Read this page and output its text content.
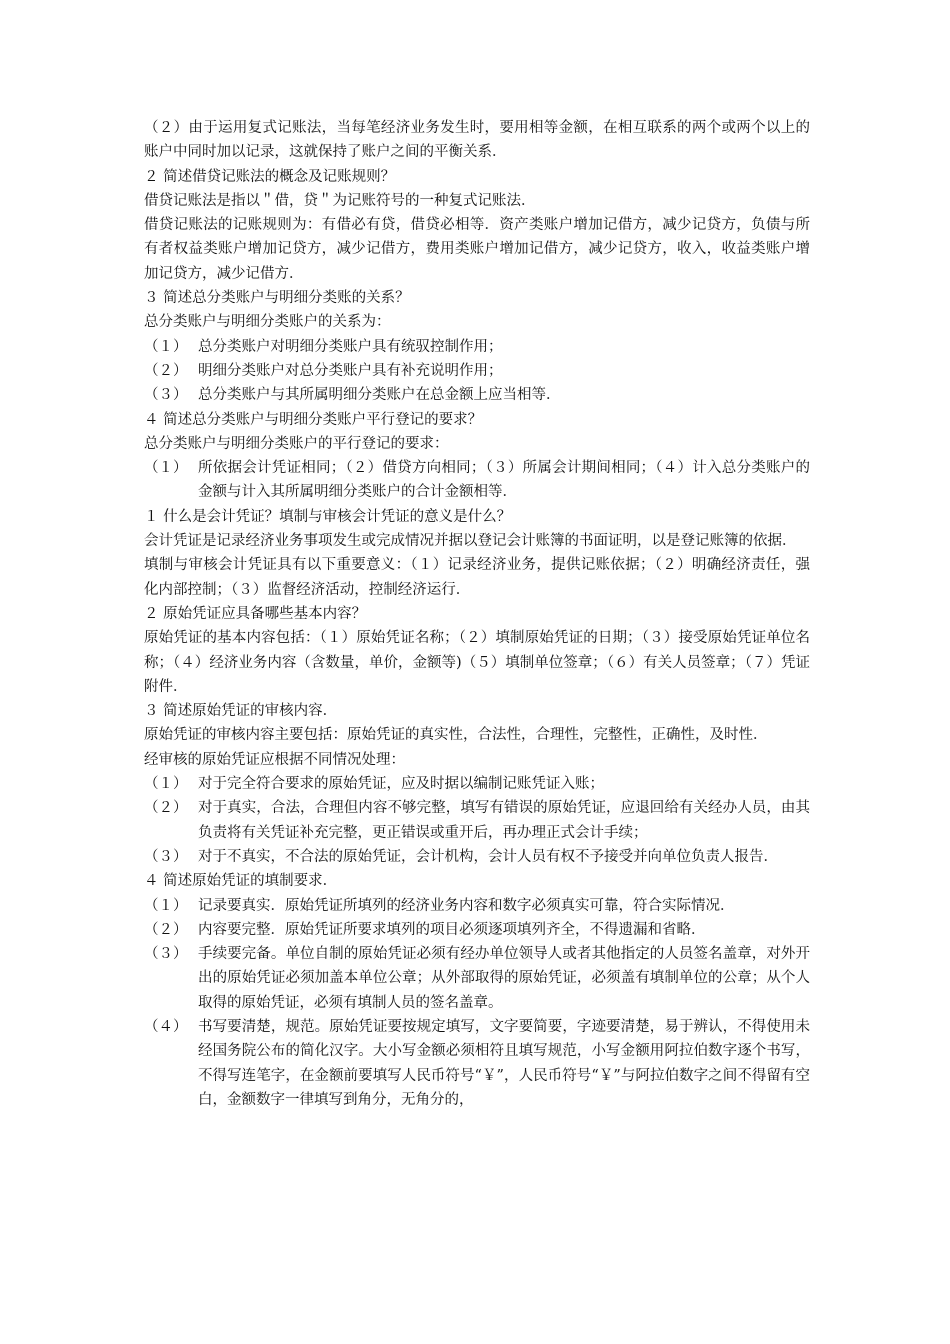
（２）由于运用复式记账法，当每笔经济业务发生时，要用相等金额，在相互联系的两个或两个以上的账户中同时加以记录，这就保持了账户之间的平衡关系．

２ 简述借贷记账法的概念及记账规则？

借贷记账法是指以＂借，贷＂为记账符号的一种复式记账法．

借贷记账法的记账规则为：有借必有贷，借贷必相等．资产类账户增加记借方，减少记贷方，负债与所有者权益类账户增加记贷方，减少记借方，费用类账户增加记借方，减少记贷方，收入，收益类账户增加记贷方，减少记借方．

３ 简述总分类账户与明细分类账的关系？

总分类账户与明细分类账户的关系为：

（１） 总分类账户对明细分类账户具有统驭控制作用；
（２） 明细分类账户对总分类账户具有补充说明作用；
（３） 总分类账户与其所属明细分类账户在总金额上应当相等．

４ 简述总分类账户与明细分类账户平行登记的要求？

总分类账户与明细分类账户的平行登记的要求：

（１） 所依据会计凭证相同；（２）借贷方向相同；（３）所属会计期间相同；（４）计入总分类账户的金额与计入其所属明细分类账户的合计金额相等．

１ 什么是会计凭证？填制与审核会计凭证的意义是什么？

会计凭证是记录经济业务事项发生或完成情况并据以登记会计账簿的书面证明，以是登记账簿的依据．

填制与审核会计凭证具有以下重要意义：（１）记录经济业务，提供记账依据；（２）明确经济责任，强化内部控制；（３）监督经济活动，控制经济运行．

２ 原始凭证应具备哪些基本内容？

原始凭证的基本内容包括：（１）原始凭证名称；（２）填制原始凭证的日期；（３）接受原始凭证单位名称；（４）经济业务内容（含数量，单价，金额等)（５）填制单位签章；（６）有关人员签章；（７）凭证附件．

３ 简述原始凭证的审核内容．

原始凭证的审核内容主要包括：原始凭证的真实性，合法性，合理性，完整性，正确性，及时性．

经审核的原始凭证应根据不同情况处理：

（１） 对于完全符合要求的原始凭证，应及时据以编制记账凭证入账；
（２） 对于真实，合法，合理但内容不够完整，填写有错误的原始凭证，应退回给有关经办人员，由其负责将有关凭证补充完整，更正错误或重开后，再办理正式会计手续；
（３） 对于不真实，不合法的原始凭证，会计机构，会计人员有权不予接受并向单位负责人报告．

４ 简述原始凭证的填制要求．

（１） 记录要真实．原始凭证所填列的经济业务内容和数字必须真实可靠，符合实际情况．
（２） 内容要完整．原始凭证所要求填列的项目必须逐项填列齐全，不得遗漏和省略．
（３） 手续要完备。单位自制的原始凭证必须有经办单位领导人或者其他指定的人员签名盖章，对外开出的原始凭证必须加盖本单位公章；从外部取得的原始凭证，必须盖有填制单位的公章；从个人取得的原始凭证，必须有填制人员的签名盖章。
（４） 书写要清楚，规范。原始凭证要按规定填写，文字要简要，字迹要清楚，易于辨认，不得使用未经国务院公布的简化汉字。大小写金额必须相符且填写规范，小写金额用阿拉伯数字逐个书写，不得写连笔字，在金额前要填写人民币符号“￥”，人民币符号“￥”与阿拉伯数字之间不得留有空白，金额数字一律填写到角分，无角分的，
